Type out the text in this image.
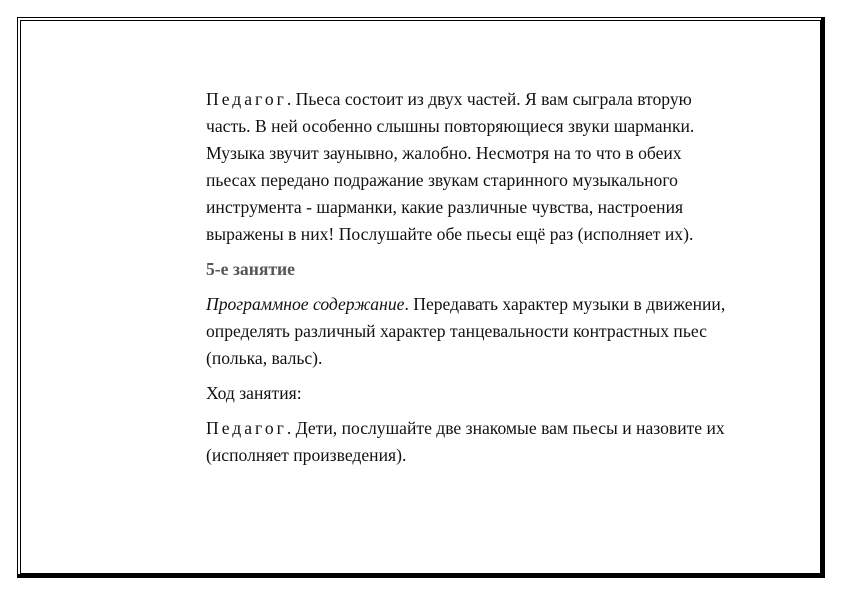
Педагог. Пьеса состоит из двух частей. Я вам сыграла вторую часть. В ней особенно слышны повторяющиеся звуки шарманки. Музыка звучит заунывно, жалобно. Несмотря на то что в обеих пьесах передано подражание звукам старинного музыкального инструмента - шарманки, какие различные чувства, настроения выражены в них! Послушайте обе пьесы ещё раз (исполняет их).

5-е занятие

Программное содержание. Передавать характер музыки в движении, определять различный характер танцевальности контрастных пьес (полька, вальс).

Ход занятия:

Педагог. Дети, послушайте две знакомые вам пьесы и назовите их (исполняет произведения).
